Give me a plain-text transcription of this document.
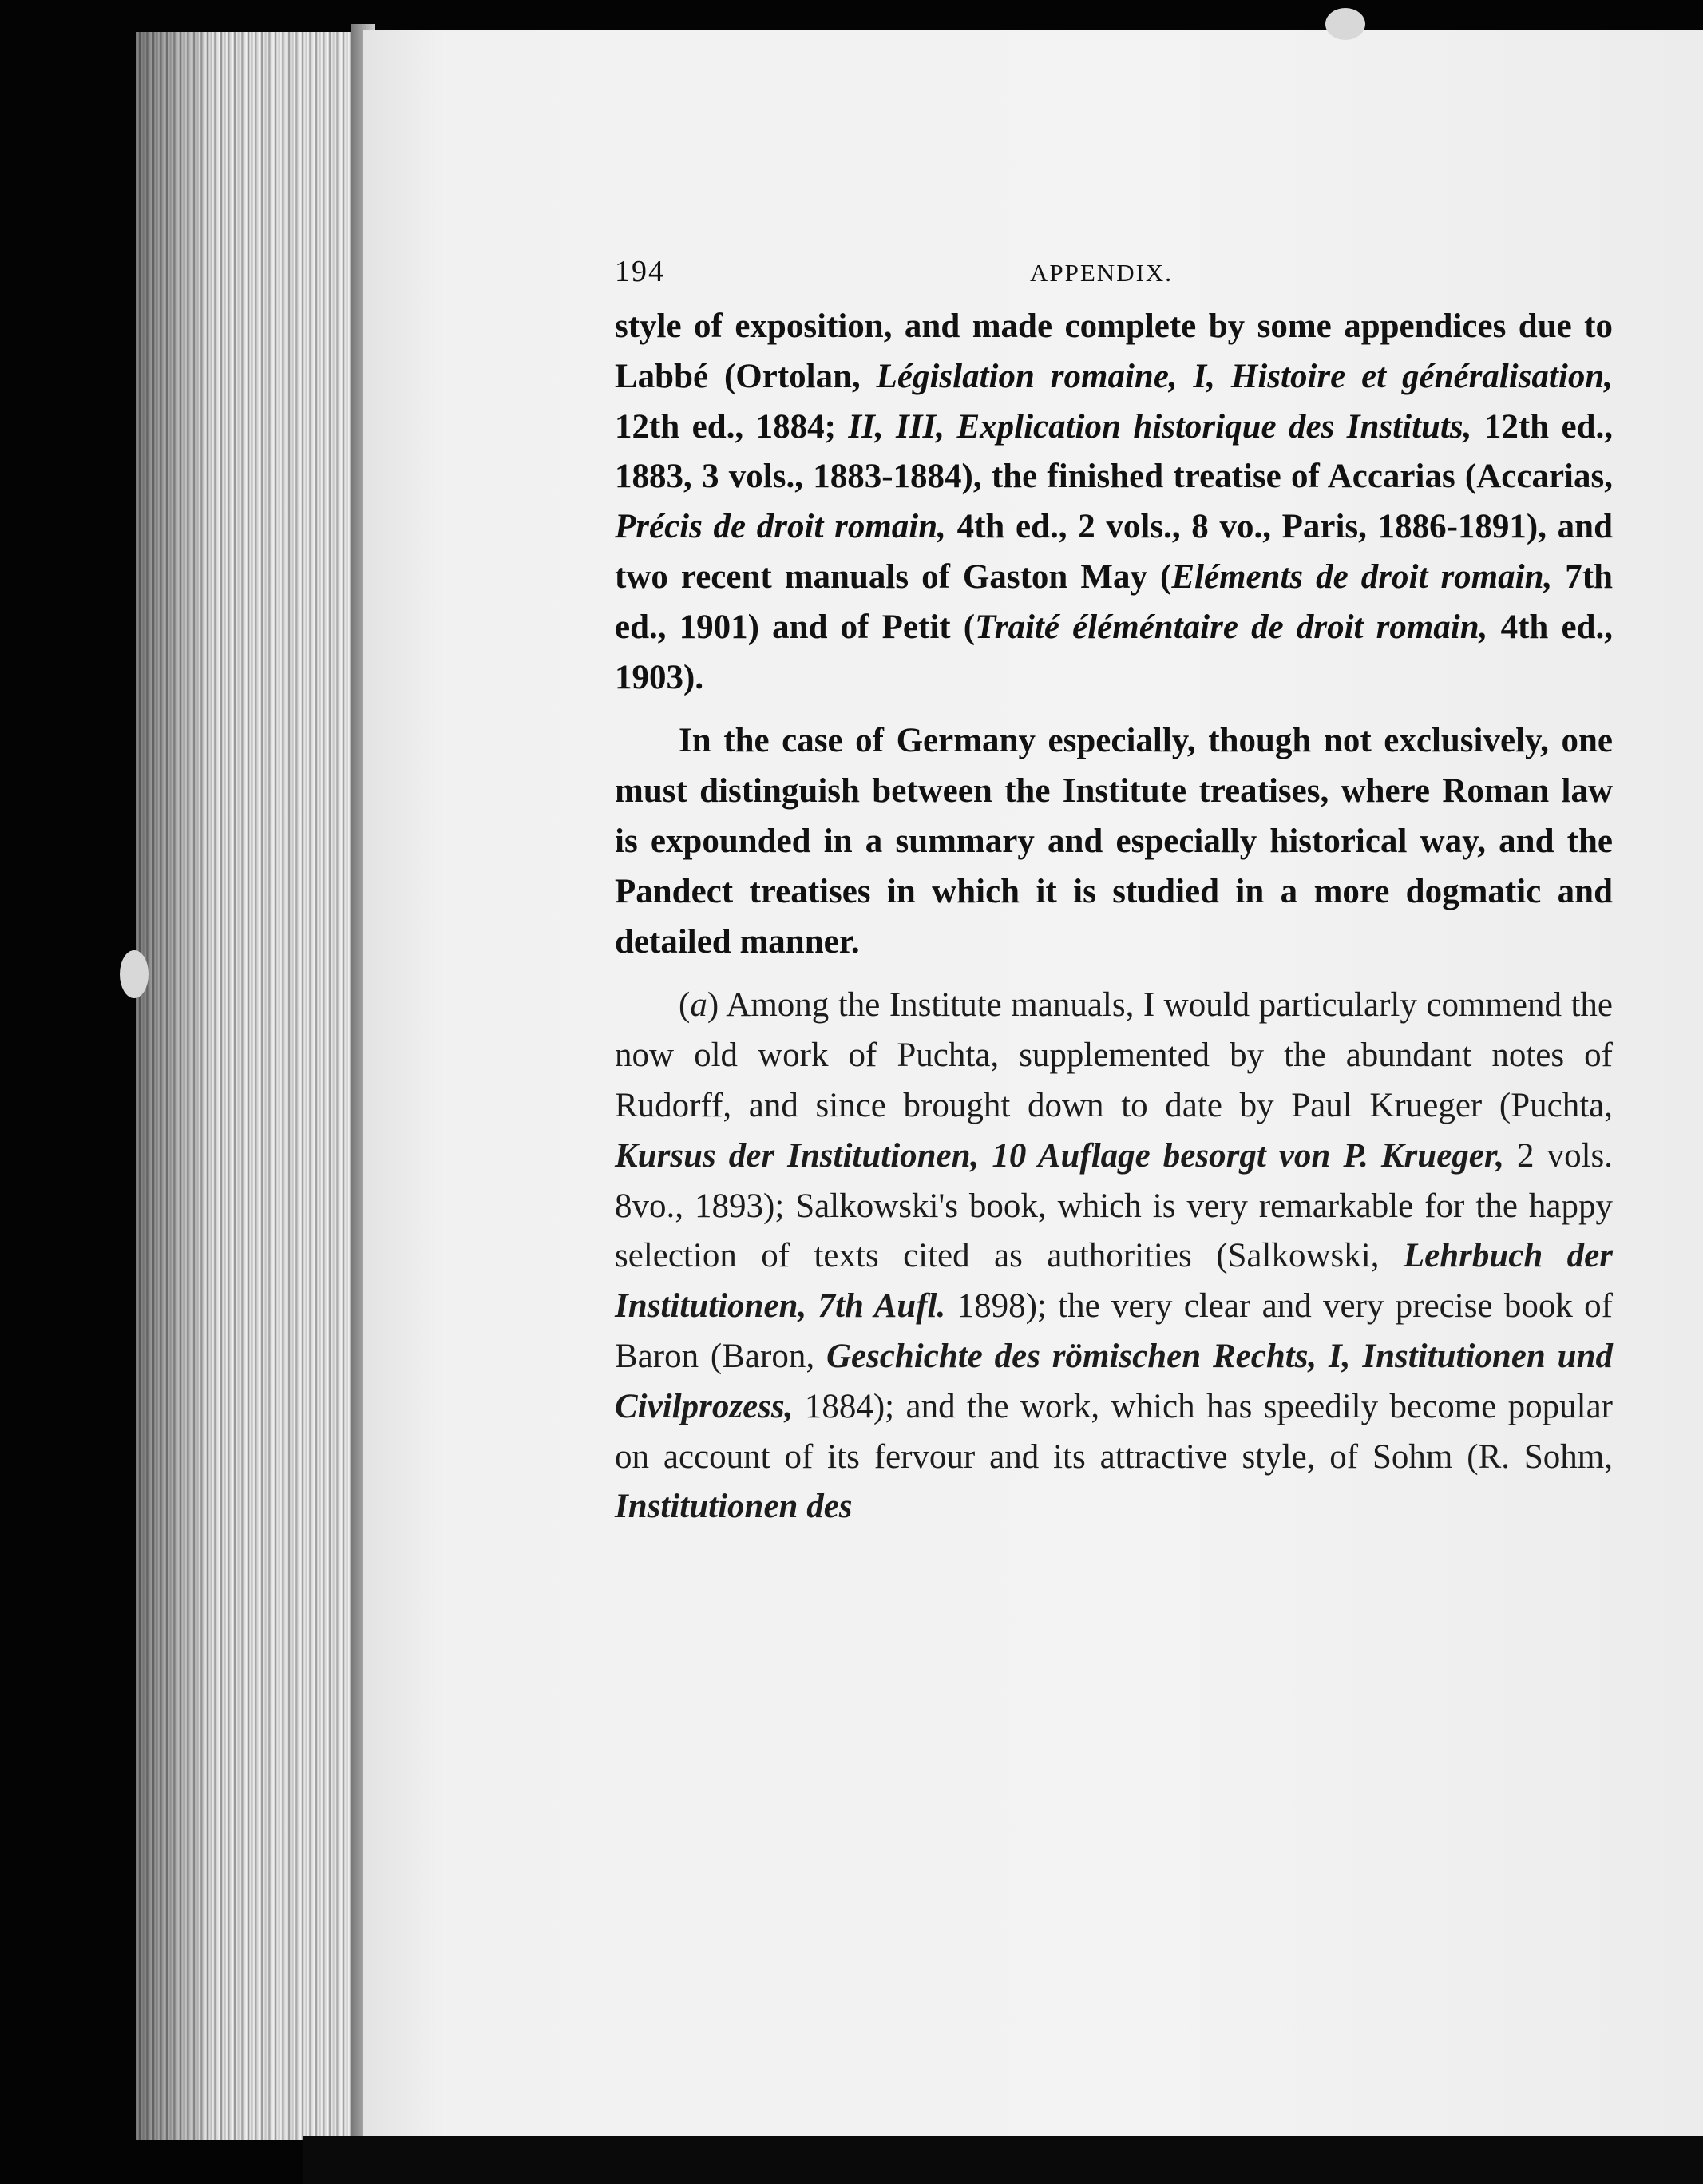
194	APPENDIX.

style of exposition, and made complete by some appendices due to Labbé (Ortolan, Législation romaine, I, Histoire et généralisation, 12th ed., 1884; II, III, Explication historique des Instituts, 12th ed., 1883, 3 vols., 1883-1884), the finished treatise of Accarias (Accarias, Précis de droit romain, 4th ed., 2 vols., 8 vo., Paris, 1886-1891), and two recent manuals of Gaston May (Eléments de droit romain, 7th ed., 1901) and of Petit (Traité éléméntaire de droit romain, 4th ed., 1903).

In the case of Germany especially, though not exclusively, one must distinguish between the Institute treatises, where Roman law is expounded in a summary and especially historical way, and the Pandect treatises in which it is studied in a more dogmatic and detailed manner.

(a) Among the Institute manuals, I would particularly commend the now old work of Puchta, supplemented by the abundant notes of Rudorff, and since brought down to date by Paul Krueger (Puchta, Kursus der Institutionen, 10 Auflage besorgt von P. Krueger, 2 vols. 8vo., 1893); Salkowski's book, which is very remarkable for the happy selection of texts cited as authorities (Salkowski, Lehrbuch der Institutionen, 7th Aufl. 1898); the very clear and very precise book of Baron (Baron, Geschichte des römischen Rechts, I, Institutionen und Civilprozess, 1884); and the work, which has speedily become popular on account of its fervour and its attractive style, of Sohm (R. Sohm, Institutionen des
